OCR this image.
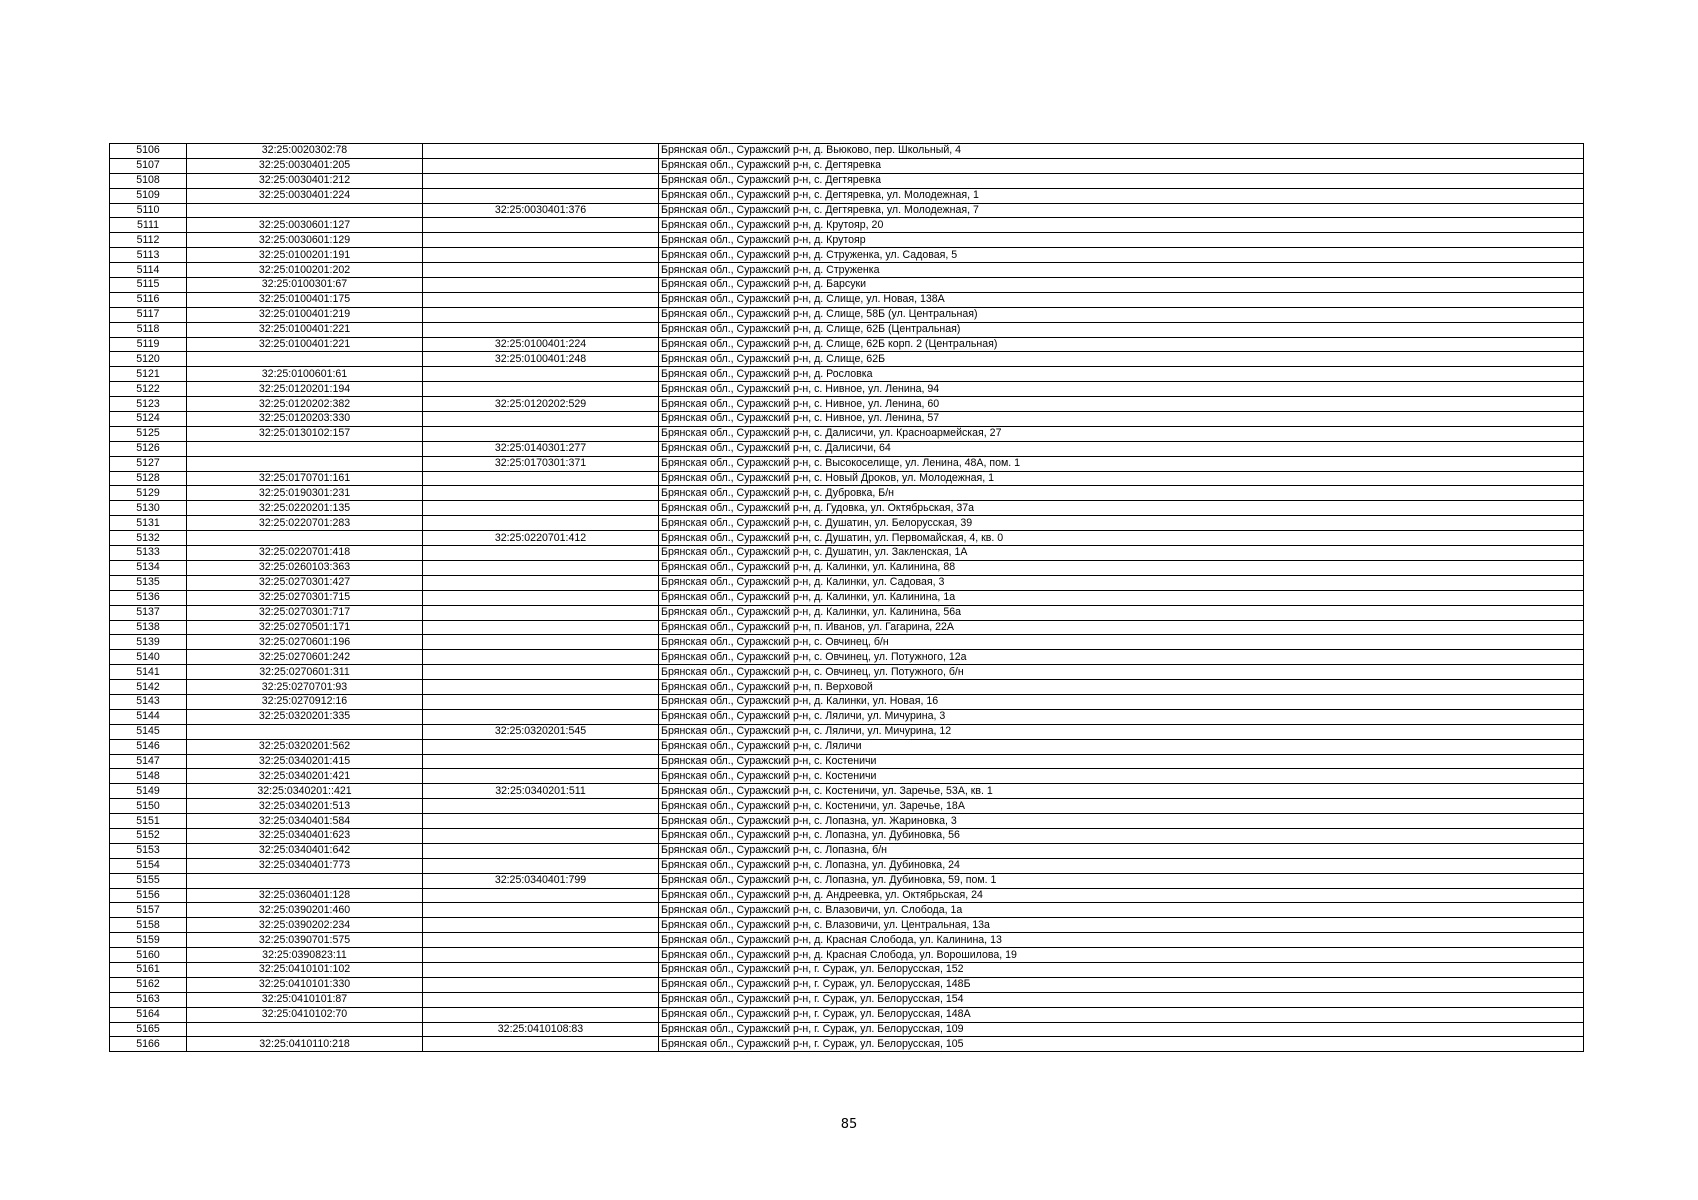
5106	32:25:0020302:78		Брянская обл., Суражский р-н, д. Вьюково, пер. Школьный, 4
5107	32:25:0030401:205		Брянская обл., Суражский р-н, с. Дегтяревка
5108	32:25:0030401:212		Брянская обл., Суражский р-н, с. Дегтяревка
5109	32:25:0030401:224		Брянская обл., Суражский р-н, с. Дегтяревка, ул. Молодежная, 1
5110		32:25:0030401:376	Брянская обл., Суражский р-н, с. Дегтяревка, ул. Молодежная, 7
5111	32:25:0030601:127		Брянская обл., Суражский р-н, д. Крутояр, 20
5112	32:25:0030601:129		Брянская обл., Суражский р-н, д. Крутояр
5113	32:25:0100201:191		Брянская обл., Суражский р-н, д. Струженка, ул. Садовая, 5
5114	32:25:0100201:202		Брянская обл., Суражский р-н, д. Струженка
5115	32:25:0100301:67		Брянская обл., Суражский р-н, д. Барсуки
5116	32:25:0100401:175		Брянская обл., Суражский р-н, д. Слище, ул. Новая, 138А
5117	32:25:0100401:219		Брянская обл., Суражский р-н, д. Слище, 58Б (ул. Центральная)
5118	32:25:0100401:221		Брянская обл., Суражский р-н, д. Слище, 62Б (Центральная)
5119	32:25:0100401:221	32:25:0100401:224	Брянская обл., Суражский р-н, д. Слище, 62Б корп. 2 (Центральная)
5120		32:25:0100401:248	Брянская обл., Суражский р-н, д. Слище, 62Б
5121	32:25:0100601:61		Брянская обл., Суражский р-н, д. Рословка
5122	32:25:0120201:194		Брянская обл., Суражский р-н, с. Нивное, ул. Ленина, 94
5123	32:25:0120202:382	32:25:0120202:529	Брянская обл., Суражский р-н, с. Нивное, ул. Ленина, 60
5124	32:25:0120203:330		Брянская обл., Суражский р-н, с. Нивное, ул. Ленина, 57
5125	32:25:0130102:157		Брянская обл., Суражский р-н, с. Далисичи, ул. Красноармейская, 27
5126		32:25:0140301:277	Брянская обл., Суражский р-н, с. Далисичи, 64
5127		32:25:0170301:371	Брянская обл., Суражский р-н, с. Высокоселище, ул. Ленина, 48А, пом. 1
5128	32:25:0170701:161		Брянская обл., Суражский р-н, с. Новый Дроков, ул. Молодежная, 1
5129	32:25:0190301:231		Брянская обл., Суражский р-н, с. Дубровка, Б/н
5130	32:25:0220201:135		Брянская обл., Суражский р-н, д. Гудовка, ул. Октябрьская, 37а
5131	32:25:0220701:283		Брянская обл., Суражский р-н, с. Душатин, ул. Белорусская, 39
5132		32:25:0220701:412	Брянская обл., Суражский р-н, с. Душатин, ул. Первомайская, 4, кв. 0
5133	32:25:0220701:418		Брянская обл., Суражский р-н, с. Душатин, ул. Закленская, 1А
5134	32:25:0260103:363		Брянская обл., Суражский р-н, д. Калинки, ул. Калинина, 88
5135	32:25:0270301:427		Брянская обл., Суражский р-н, д. Калинки, ул. Садовая, 3
5136	32:25:0270301:715		Брянская обл., Суражский р-н, д. Калинки, ул. Калинина, 1а
5137	32:25:0270301:717		Брянская обл., Суражский р-н, д. Калинки, ул. Калинина, 56а
5138	32:25:0270501:171		Брянская обл., Суражский р-н, п. Иванов, ул. Гагарина, 22А
5139	32:25:0270601:196		Брянская обл., Суражский р-н, с. Овчинец, б/н
5140	32:25:0270601:242		Брянская обл., Суражский р-н, с. Овчинец, ул. Потужного, 12а
5141	32:25:0270601:311		Брянская обл., Суражский р-н, с. Овчинец, ул. Потужного, б/н
5142	32:25:0270701:93		Брянская обл., Суражский р-н, п. Верховой
5143	32:25:0270912:16		Брянская обл., Суражский р-н, д. Калинки, ул. Новая, 16
5144	32:25:0320201:335		Брянская обл., Суражский р-н, с. Ляличи, ул. Мичурина, 3
5145		32:25:0320201:545	Брянская обл., Суражский р-н, с. Ляличи, ул. Мичурина, 12
5146	32:25:0320201:562		Брянская обл., Суражский р-н, с. Ляличи
5147	32:25:0340201:415		Брянская обл., Суражский р-н, с. Костеничи
5148	32:25:0340201:421		Брянская обл., Суражский р-н, с. Костеничи
5149	32:25:0340201::421	32:25:0340201:511	Брянская обл., Суражский р-н, с. Костеничи, ул. Заречье, 53А, кв. 1
5150	32:25:0340201:513		Брянская обл., Суражский р-н, с. Костеничи, ул. Заречье, 18А
5151	32:25:0340401:584		Брянская обл., Суражский р-н, с. Лопазна, ул. Жариновка, 3
5152	32:25:0340401:623		Брянская обл., Суражский р-н, с. Лопазна, ул. Дубиновка, 56
5153	32:25:0340401:642		Брянская обл., Суражский р-н, с. Лопазна, б/н
5154	32:25:0340401:773		Брянская обл., Суражский р-н, с. Лопазна, ул. Дубиновка, 24
5155		32:25:0340401:799	Брянская обл., Суражский р-н, с. Лопазна, ул. Дубиновка, 59, пом. 1
5156	32:25:0360401:128		Брянская обл., Суражский р-н, д. Андреевка, ул. Октябрьская, 24
5157	32:25:0390201:460		Брянская обл., Суражский р-н, с. Влазовичи, ул. Слобода, 1а
5158	32:25:0390202:234		Брянская обл., Суражский р-н, с. Влазовичи, ул. Центральная, 13а
5159	32:25:0390701:575		Брянская обл., Суражский р-н, д. Красная Слобода, ул. Калинина, 13
5160	32:25:0390823:11		Брянская обл., Суражский р-н, д. Красная Слобода, ул. Ворошилова, 19
5161	32:25:0410101:102		Брянская обл., Суражский р-н, г. Сураж, ул. Белорусская, 152
5162	32:25:0410101:330		Брянская обл., Суражский р-н, г. Сураж, ул. Белорусская, 148Б
5163	32:25:0410101:87		Брянская обл., Суражский р-н, г. Сураж, ул. Белорусская, 154
5164	32:25:0410102:70		Брянская обл., Суражский р-н, г. Сураж, ул. Белорусская, 148А
5165		32:25:0410108:83	Брянская обл., Суражский р-н, г. Сураж, ул. Белорусская, 109
5166	32:25:0410110:218		Брянская обл., Суражский р-н, г. Сураж, ул. Белорусская, 105
85
